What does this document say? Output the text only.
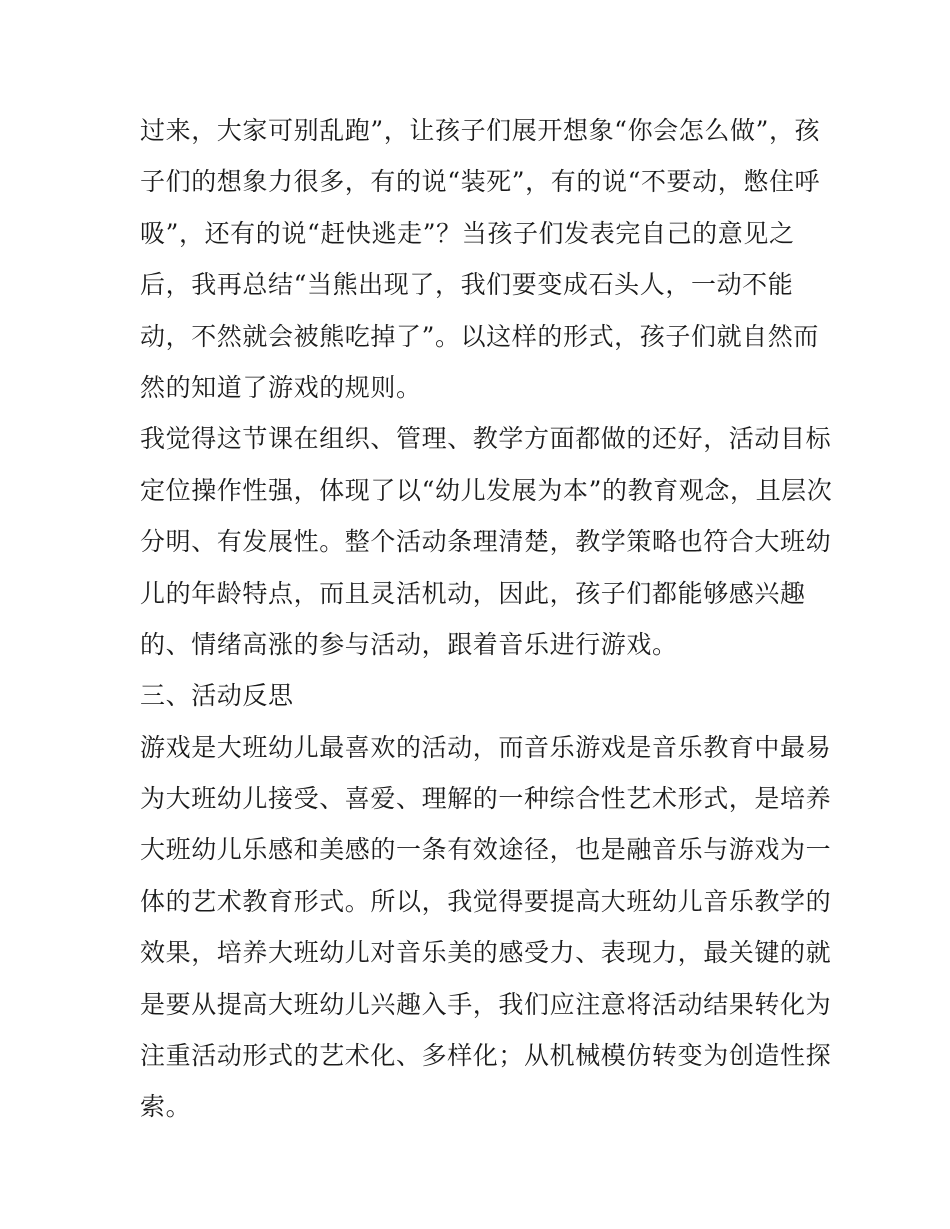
过来，大家可别乱跑”，让孩子们展开想象“你会怎么做”，孩
子们的想象力很多，有的说“装死”，有的说“不要动，憋住呼
吸”，还有的说“赶快逃走”？当孩子们发表完自己的意见之
后，我再总结“当熊出现了，我们要变成石头人，一动不能
动，不然就会被熊吃掉了”。以这样的形式，孩子们就自然而
然的知道了游戏的规则。
我觉得这节课在组织、管理、教学方面都做的还好，活动目标
定位操作性强，体现了以“幼儿发展为本”的教育观念，且层次
分明、有发展性。整个活动条理清楚，教学策略也符合大班幼
儿的年龄特点，而且灵活机动，因此，孩子们都能够感兴趣
的、情绪高涨的参与活动，跟着音乐进行游戏。
三、活动反思
游戏是大班幼儿最喜欢的活动，而音乐游戏是音乐教育中最易
为大班幼儿接受、喜爱、理解的一种综合性艺术形式，是培养
大班幼儿乐感和美感的一条有效途径，也是融音乐与游戏为一
体的艺术教育形式。所以，我觉得要提高大班幼儿音乐教学的
效果，培养大班幼儿对音乐美的感受力、表现力，最关键的就
是要从提高大班幼儿兴趣入手，我们应注意将活动结果转化为
注重活动形式的艺术化、多样化；从机械模仿转变为创造性探
索。
